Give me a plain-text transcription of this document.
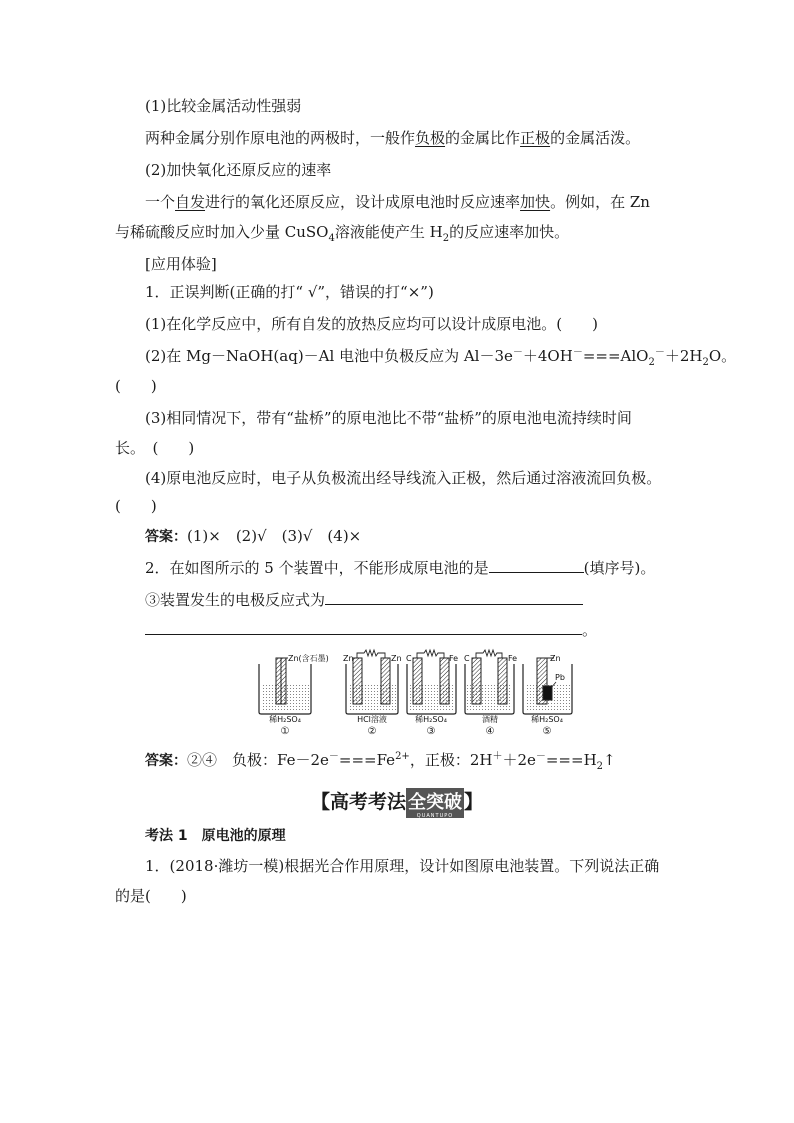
(1)比较金属活动性强弱
两种金属分别作原电池的两极时，一般作负极的金属比作正极的金属活泼。
(2)加快氧化还原反应的速率
一个自发进行的氧化还原反应，设计成原电池时反应速率加快。例如，在 Zn
与稀硫酸反应时加入少量 CuSO$_4$溶液能使产生 $H_2$的反应速率加快。
[应用体验]
1．正误判断(正确的打“ √”，错误的打“×”)
(1)在化学反应中，所有自发的放热反应均可以设计成原电池。(　　)
(2)在 Mg－NaOH(aq)－Al 电池中负极反应为 $Al-3e^-+4OH^-===AlO_2^-+2H_2O$。
(　　)
(3)相同情况下，带有“盐桥”的原电池比不带“盐桥”的原电池电流持续时间
长。　(　　)
(4)原电池反应时，电子从负极流出经导线流入正极，然后通过溶液流回负极。
(　　)
答案：(1)×　(2)√　(3)√　(4)×
2．在如图所示的 5 个装置中，不能形成原电池的是	(填序号)。
③装置发生的电极反应式为
。
Zn(含石墨)
稀H₂SO₄
①
Zn	Zn
HCl溶液
②
C	Fe
稀H₂SO₄
③
C	Fe
酒精
④
Zn
Pb
稀H₂SO₄
⑤
答案：②④　负极：$Fe-2e^-===Fe^{2+}$，正极：$2H^++2e^-===H_2↑$
【高考考法 全突破
QUANTUPO
】
考法 1　原电池的原理
1．(2018·潍坊一模)根据光合作用原理，设计如图原电池装置。下列说法正确
的是(　　)
